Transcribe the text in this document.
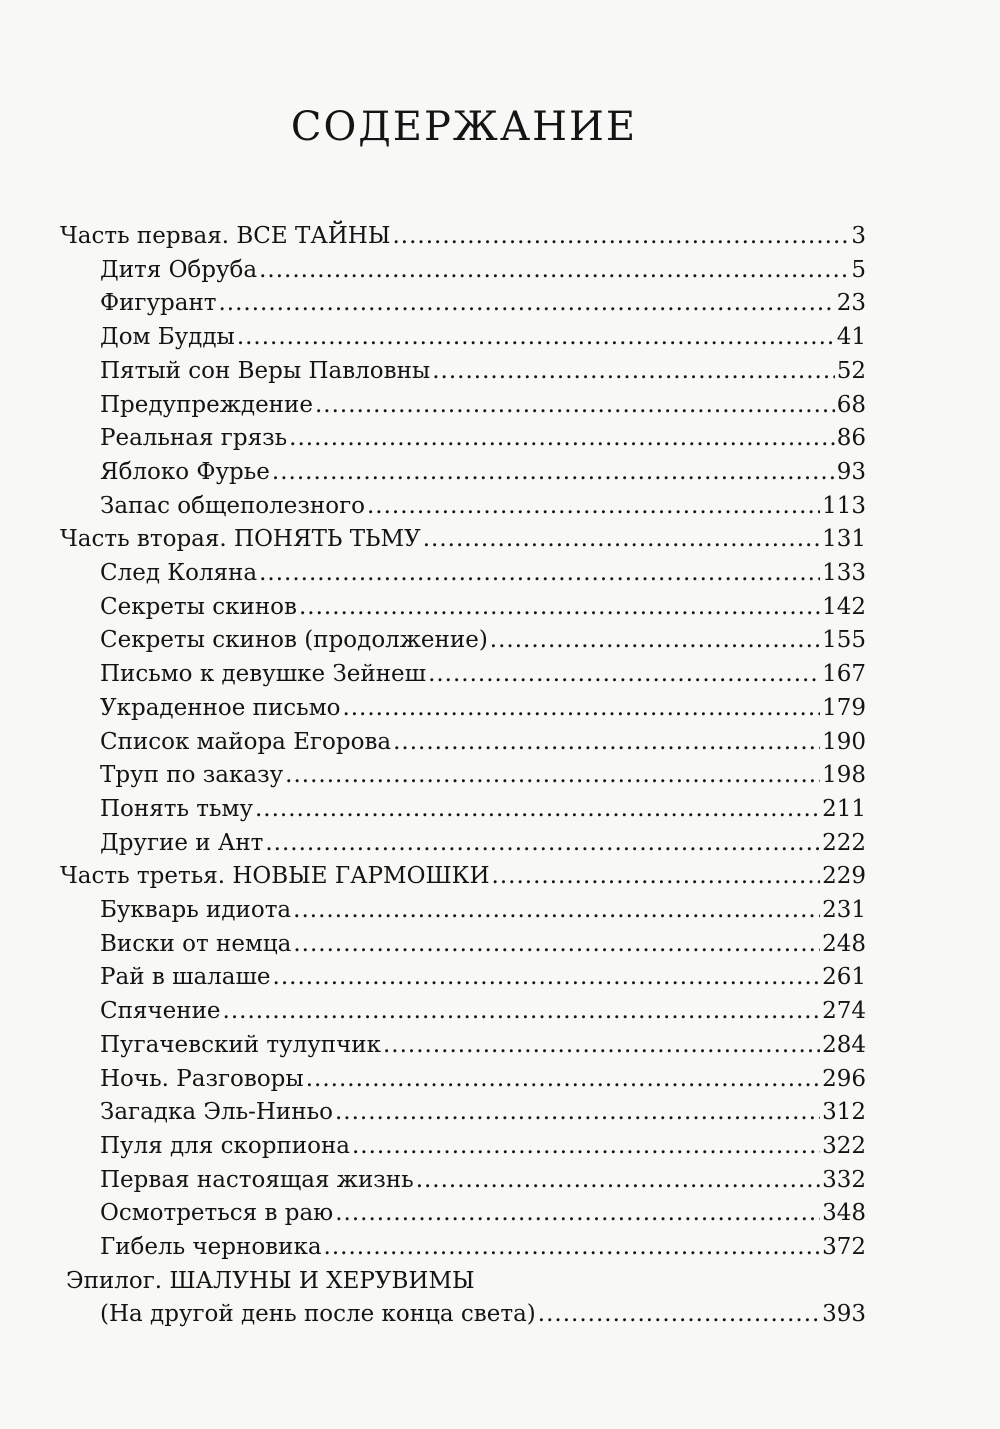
СОДЕРЖАНИЕ
Часть первая. ВСЕ ТАЙНЫ .....	3
Дитя Обруба .....	5
Фигурант .....	23
Дом Будды .....	41
Пятый сон Веры Павловны .....	52
Предупреждение .....	68
Реальная грязь .....	86
Яблоко Фурье .....	93
Запас общеполезного .....	113
Часть вторая. ПОНЯТЬ ТЬМУ .....	131
След Коляна .....	133
Секреты скинов .....	142
Секреты скинов (продолжение) .....	155
Письмо к девушке Зейнеш .....	167
Украденное письмо .....	179
Список майора Егорова .....	190
Труп по заказу .....	198
Понять тьму .....	211
Другие и Ант .....	222
Часть третья. НОВЫЕ ГАРМОШКИ .....	229
Букварь идиота .....	231
Виски от немца .....	248
Рай в шалаше .....	261
Спячение .....	274
Пугачевский тулупчик .....	284
Ночь. Разговоры .....	296
Загадка Эль-Ниньо .....	312
Пуля для скорпиона .....	322
Первая настоящая жизнь .....	332
Осмотреться в раю .....	348
Гибель черновика .....	372
Эпилог. ШАЛУНЫ И ХЕРУВИМЫ
(На другой день после конца света) .....	393
